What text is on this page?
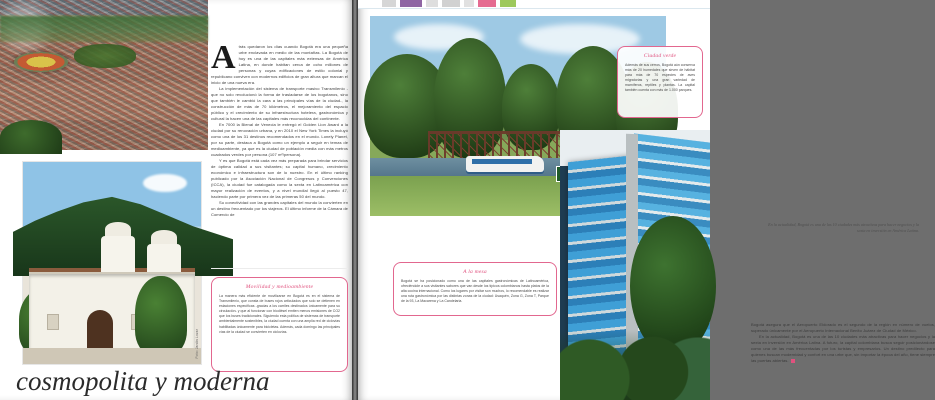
Foto: Jardín Lozar

Atrás quedaron los días cuando Bogotá era una pequeña urbe enclavada en medio de las montañas. La Bogotá de hoy es una de las capitales más extensas de América Latina, en donde habitan cerca de ocho millones de personas y cuyas edificaciones de estilo colonial y republicano conviven con modernos edificios de gran altura que marcan el inicio de una nueva era.

La implementación del sistema de transporte masivo Transmilenio -que no solo revolucionó la forma de trasladarse de los bogotanos, sino que también le cambió la cara a las principales vías de la ciudad-, la construcción de más de 70 kilómetros, el mejoramiento del espacio público y el crecimiento de su infraestructura hotelera, gastronómica y cultural la hacen una de las capitales más reconocidas del continente.

En 7000 la Bienal de Venecia le entregó el Golden Lion Award a la ciudad por su renovación urbana, y en 2010 el New York Times la incluyó como una de los 31 destinos recomendados en el mundo. Lonely Planet, por su parte, destaca a Bogotá como un ejemplo a seguir en temas de medioambiente, ya que es la ciudad de población media con más metros cuadrados verdes por persona (107 m²/persona).

Y es que Bogotá está cada vez más preparada para brindar servicios de óptima calidad a sus visitantes; su capital humano, crecimiento económico e infraestructura son de lo nuestro. En el último ranking publicado por la Asociación Nacional de Congresos y Convenciones (ICCA), la ciudad fue catalogada como la sexta en Latinoamérica con mayor realización de eventos, y a nivel mundial llegó al puesto 47, haciendo parte por primera vez de las primeras 50 del mundo.

Su conectividad con las grandes capitales del mundo la convierten en un destino frecuentado por los viajeros. El último informe de la Cámara de Comercio de

Movilidad y medioambiente

La manera más eficiente de movilizarse en Bogotá es en el sistema de Transmilenio, que consta de buses rojos articulados que solo se detienen en estaciones específicas -gracias a los carriles destinados únicamente para su circulación- y que al funcionar con biodiésel emiten menos emisiones de CO2 que los buses tradicionales. Siguiendo esta política de sistemas de transporte ambientalmente sostenibles, la ciudad cuenta con una amplia red de ciclovías habilitadas únicamente para bicicletas. Además, cada domingo las principales vías de la ciudad se convierten en ciclovías.

cosmopolita y moderna
En la actualidad, Bogotá es una de las 10 ciudades más atractivas para hacer negocios y la sexta en inversión en América Latina.

Bogotá asegura que el Aeropuerto Eldorado es el segundo de la región en número de vuelos, superado únicamente por el Aeropuerto Internacional Benito Juárez de Ciudad de México.

En la actualidad, Bogotá es una de las 10 ciudades más atractivas para hacer negocios y la sexta en inversión en América Latina. A futuro, la capital colombiana busca seguir posicionándose como una de las más frecuentadas por los turistas y empresarios. Un destino predilecto para quienes buscan modernidad y confort en una urbe que, sin importar la época del año, tiene siempre las puertas abiertas.

Ciudad verde

Además de sus cerros, Bogotá aún conserva más de 20 humedales que sirven de hábitat para más de 70 especies de aves migratorias y una gran variedad de mamíferos, reptiles y plantas. La capital también cuenta con más de 1.000 parques.

A la mesa

Bogotá se ha posicionado como una de las capitales gastronómicas de Latinoamérica, ofreciéndole a sus visitantes sabores que van desde los típicos colombianos hasta platos de la alta cocina internacional. Como los lugares por visitar son muchos, lo recomendable es realizar una ruta gastronómica por las distintas zonas de la ciudad: Usaquén, Zona G, Zona T, Parque de la 93, La Macarena y La Candelaria.
